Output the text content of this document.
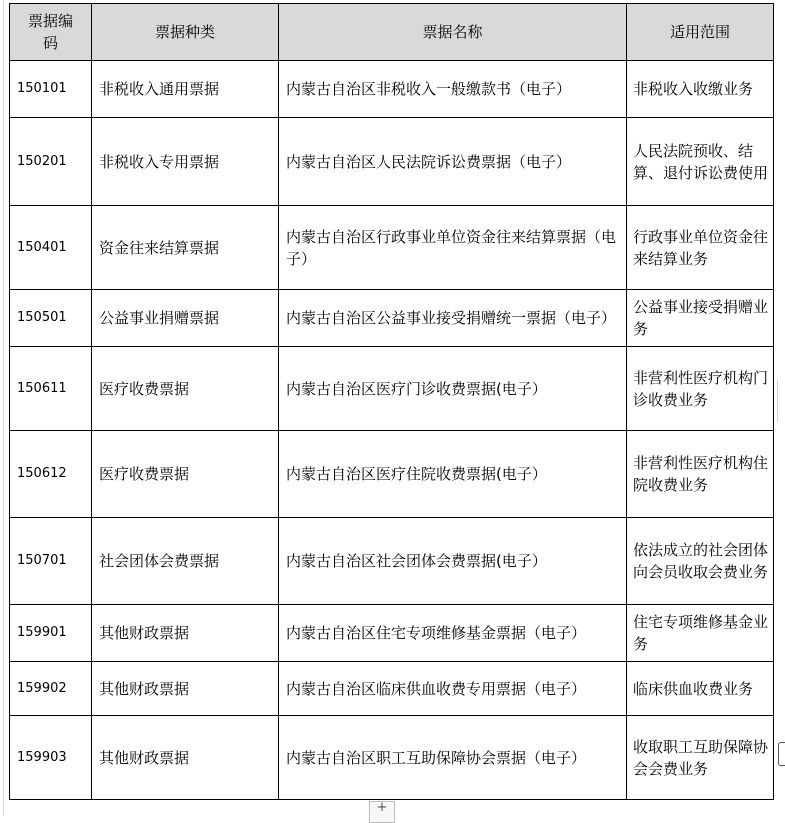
票据编码	票据种类	票据名称	适用范围
150101	非税收入通用票据	内蒙古自治区非税收入一般缴款书（电子）	非税收入收缴业务
150201	非税收入专用票据	内蒙古自治区人民法院诉讼费票据（电子）	人民法院预收、结算、退付诉讼费使用
150401	资金往来结算票据	内蒙古自治区行政事业单位资金往来结算票据（电子）	行政事业单位资金往来结算业务
150501	公益事业捐赠票据	内蒙古自治区公益事业接受捐赠统一票据（电子）	公益事业接受捐赠业务
150611	医疗收费票据	内蒙古自治区医疗门诊收费票据(电子）	非营利性医疗机构门诊收费业务
150612	医疗收费票据	内蒙古自治区医疗住院收费票据(电子）	非营利性医疗机构住院收费业务
150701	社会团体会费票据	内蒙古自治区社会团体会费票据(电子）	依法成立的社会团体向会员收取会费业务
159901	其他财政票据	内蒙古自治区住宅专项维修基金票据（电子）	住宅专项维修基金业务
159902	其他财政票据	内蒙古自治区临床供血收费专用票据（电子）	临床供血收费业务
159903	其他财政票据	内蒙古自治区职工互助保障协会票据（电子）	收取职工互助保障协会会费业务
+
